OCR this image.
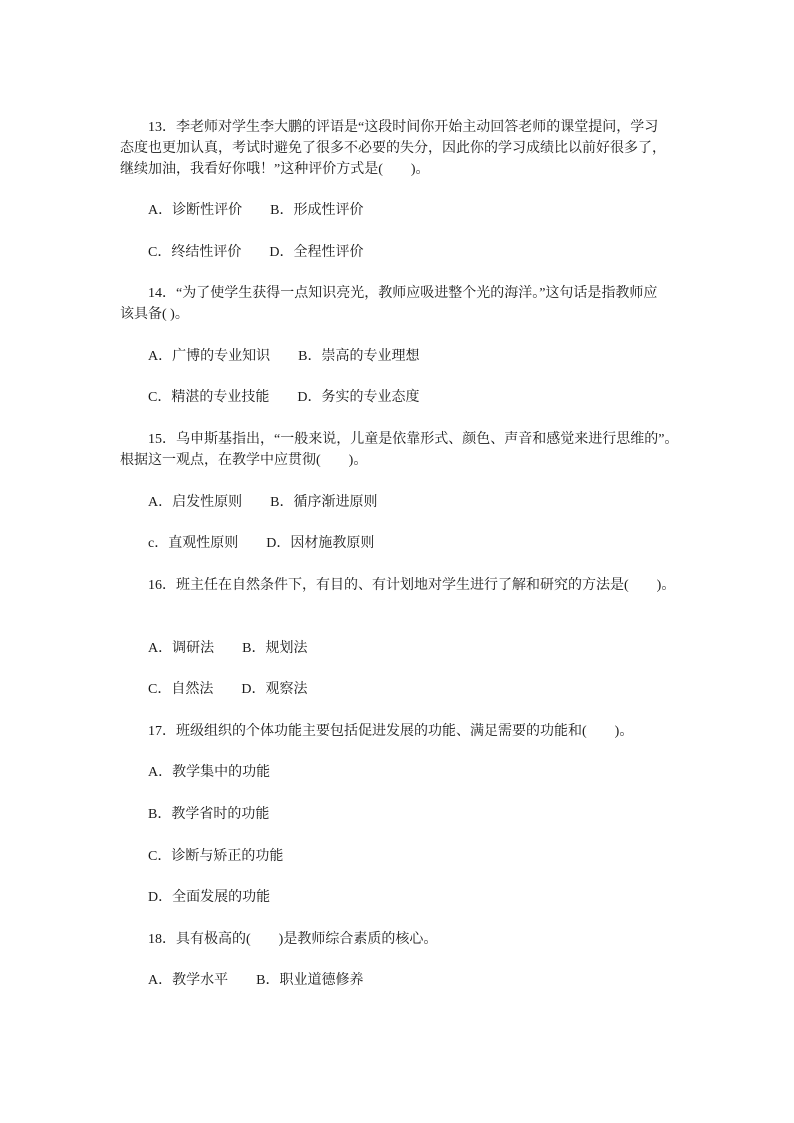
13．李老师对学生李大鹏的评语是“这段时间你开始主动回答老师的课堂提问，学习
态度也更加认真，考试时避免了很多不必要的失分，因此你的学习成绩比以前好很多了，
继续加油，我看好你哦！”这种评价方式是(　　)。
A．诊断性评价　　B．形成性评价
C．终结性评价　　D．全程性评价
14．“为了使学生获得一点知识亮光，教师应吸进整个光的海洋。”这句话是指教师应
该具备( )。
A．广博的专业知识　　B．崇高的专业理想
C．精湛的专业技能　　D．务实的专业态度
15．乌申斯基指出，“一般来说，儿童是依靠形式、颜色、声音和感觉来进行思维的”。
根据这一观点，在教学中应贯彻(　　)。
A．启发性原则　　B．循序渐进原则
c．直观性原则　　D．因材施教原则
16．班主任在自然条件下，有目的、有计划地对学生进行了解和研究的方法是(　　)。
A．调研法　　B．规划法
C．自然法　　D．观察法
17．班级组织的个体功能主要包括促进发展的功能、满足需要的功能和(　　)。
A．教学集中的功能
B．教学省时的功能
C．诊断与矫正的功能
D．全面发展的功能
18．具有极高的(　　)是教师综合素质的核心。
A．教学水平　　B．职业道德修养
